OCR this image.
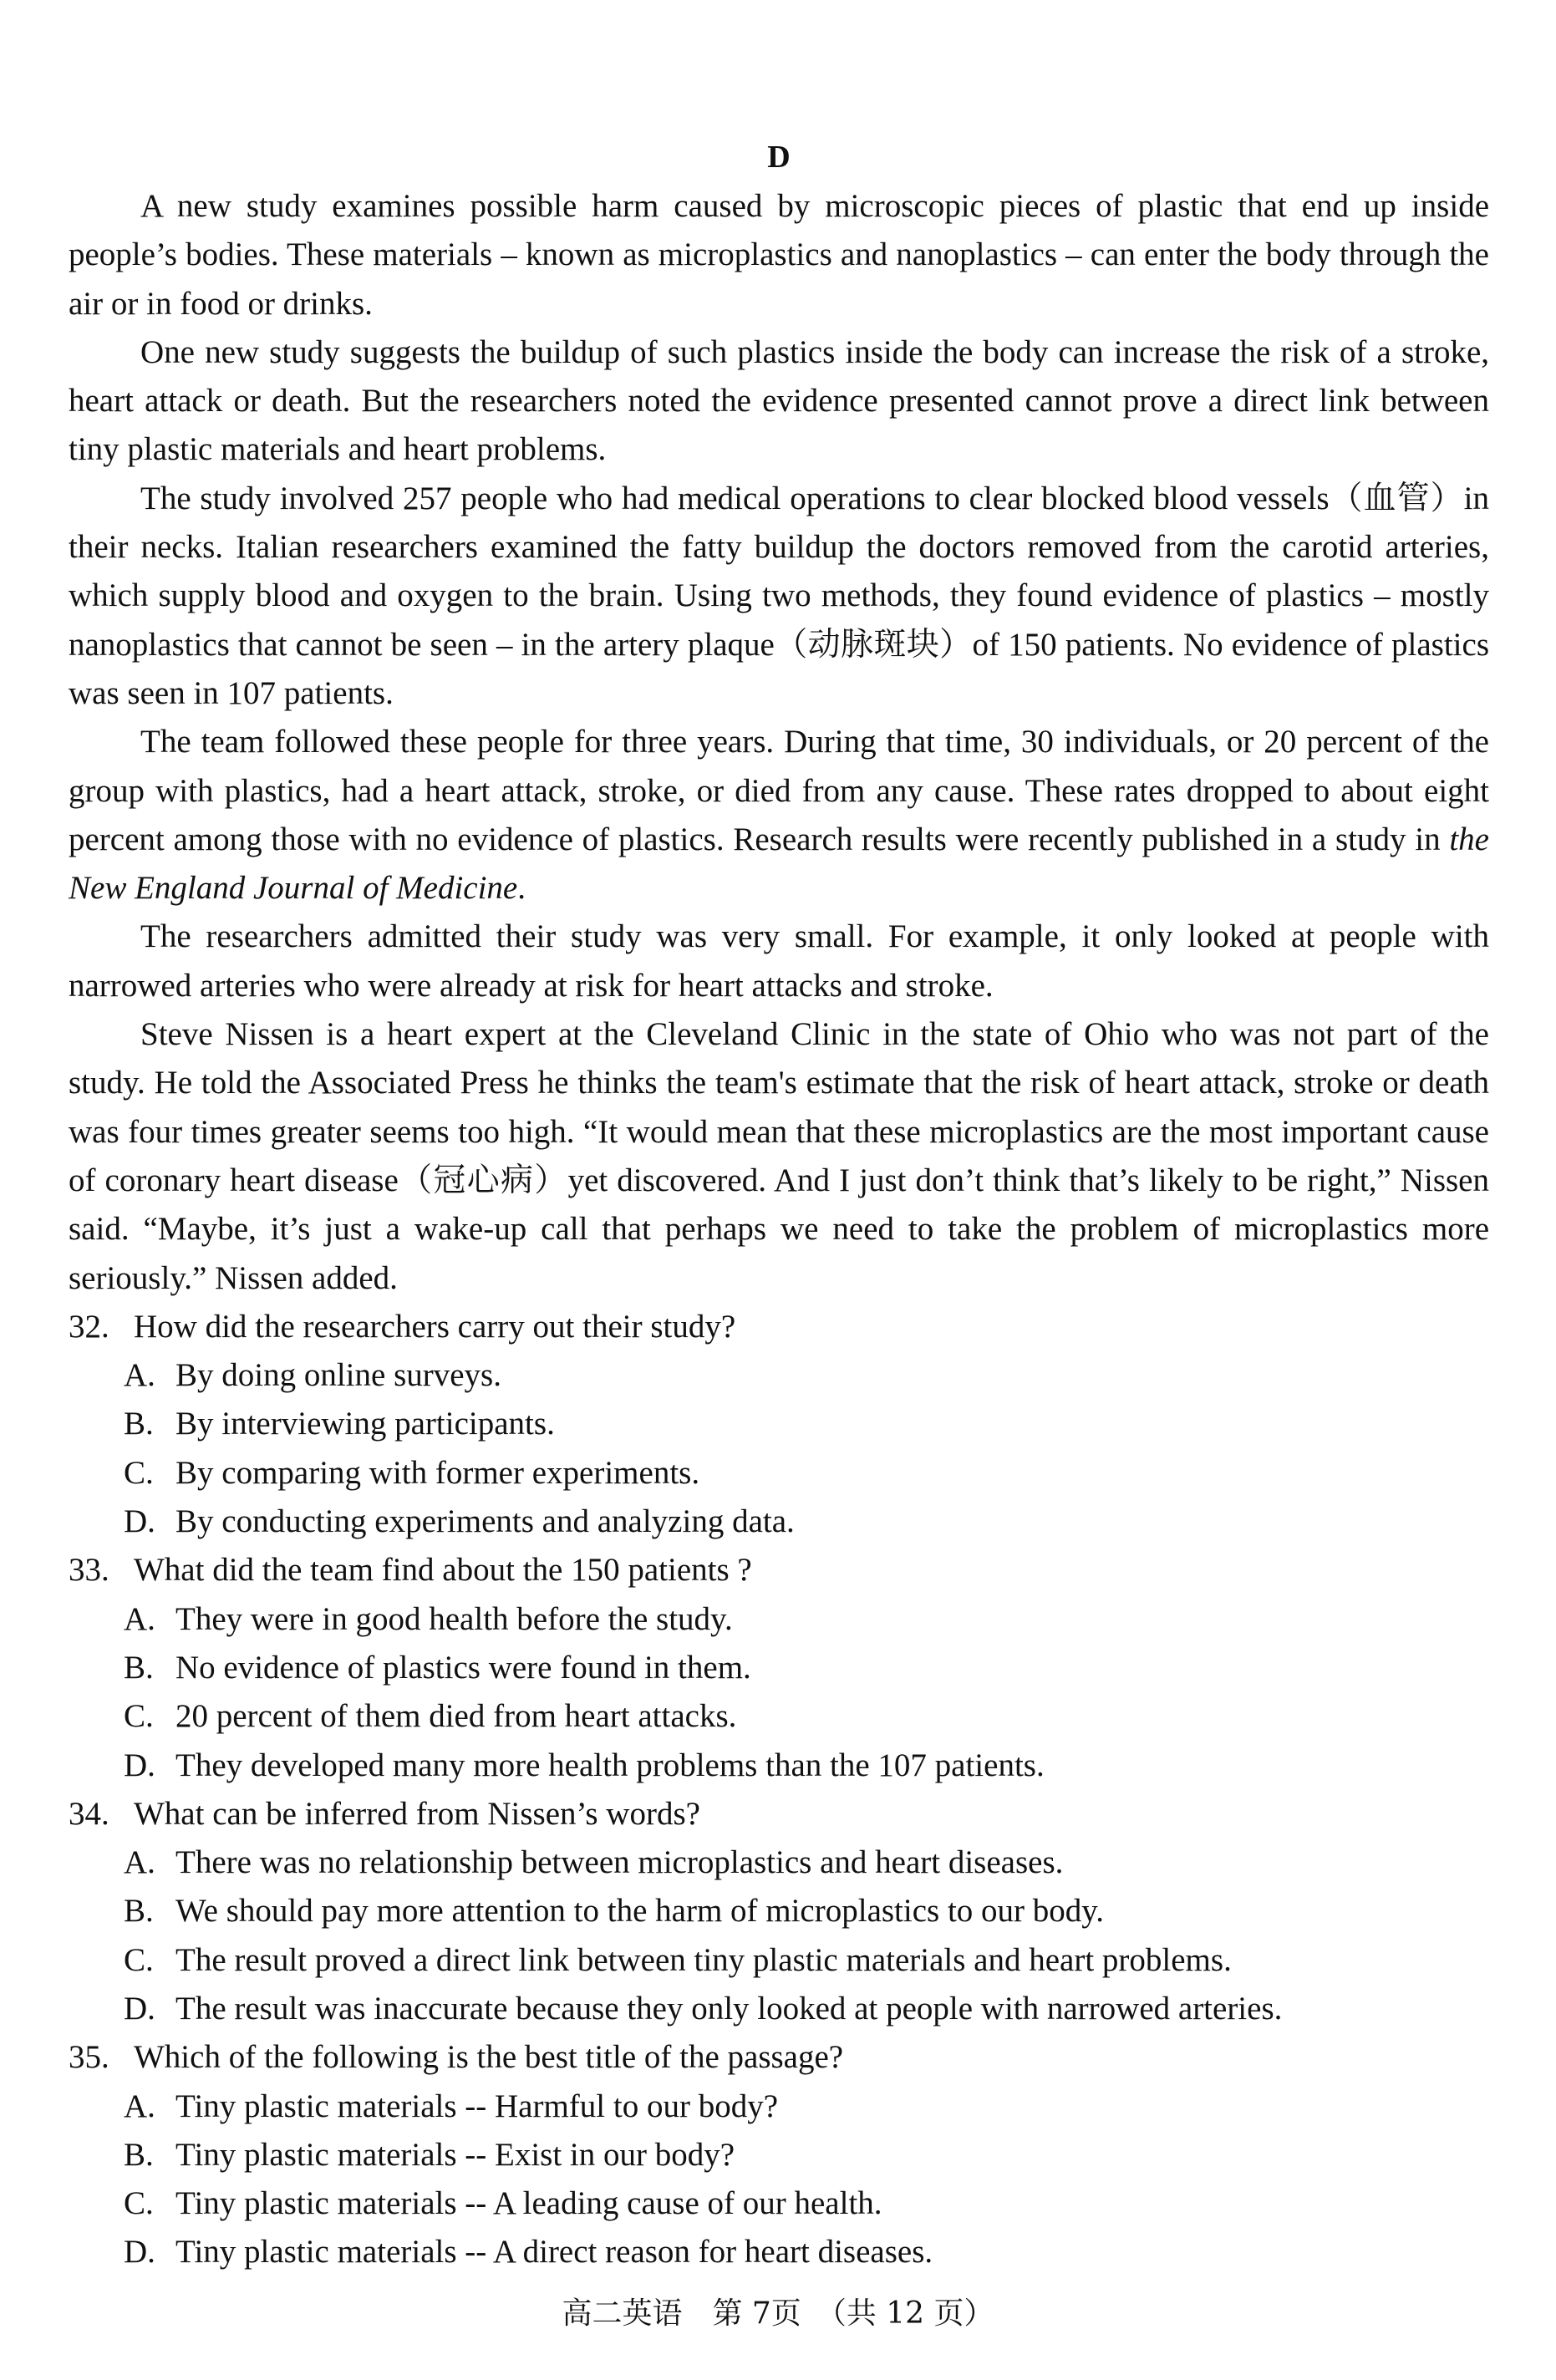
D

A new study examines possible harm caused by microscopic pieces of plastic that end up inside people’s bodies. These materials – known as microplastics and nanoplastics – can enter the body through the air or in food or drinks.

One new study suggests the buildup of such plastics inside the body can increase the risk of a stroke, heart attack or death. But the researchers noted the evidence presented cannot prove a direct link between tiny plastic materials and heart problems.

The study involved 257 people who had medical operations to clear blocked blood vessels（血管）in their necks. Italian researchers examined the fatty buildup the doctors removed from the carotid arteries, which supply blood and oxygen to the brain. Using two methods, they found evidence of plastics – mostly nanoplastics that cannot be seen – in the artery plaque（动脉斑块）of 150 patients. No evidence of plastics was seen in 107 patients.

The team followed these people for three years. During that time, 30 individuals, or 20 percent of the group with plastics, had a heart attack, stroke, or died from any cause. These rates dropped to about eight percent among those with no evidence of plastics. Research results were recently published in a study in the New England Journal of Medicine.

The researchers admitted their study was very small. For example, it only looked at people with narrowed arteries who were already at risk for heart attacks and stroke.

Steve Nissen is a heart expert at the Cleveland Clinic in the state of Ohio who was not part of the study. He told the Associated Press he thinks the team's estimate that the risk of heart attack, stroke or death was four times greater seems too high. “It would mean that these microplastics are the most important cause of coronary heart disease（冠心病）yet discovered. And I just don’t think that’s likely to be right,” Nissen said. “Maybe, it’s just a wake-up call that perhaps we need to take the problem of microplastics more seriously.” Nissen added.

32. How did the researchers carry out their study?
A. By doing online surveys.
B. By interviewing participants.
C. By comparing with former experiments.
D. By conducting experiments and analyzing data.
33. What did the team find about the 150 patients ?
A. They were in good health before the study.
B. No evidence of plastics were found in them.
C. 20 percent of them died from heart attacks.
D. They developed many more health problems than the 107 patients.
34. What can be inferred from Nissen’s words?
A. There was no relationship between microplastics and heart diseases.
B. We should pay more attention to the harm of microplastics to our body.
C. The result proved a direct link between tiny plastic materials and heart problems.
D. The result was inaccurate because they only looked at people with narrowed arteries.
35. Which of the following is the best title of the passage?
A. Tiny plastic materials -- Harmful to our body?
B. Tiny plastic materials -- Exist in our body?
C. Tiny plastic materials -- A leading cause of our health.
D. Tiny plastic materials -- A direct reason for heart diseases.
高二英语　第 7页　（共 12 页）
